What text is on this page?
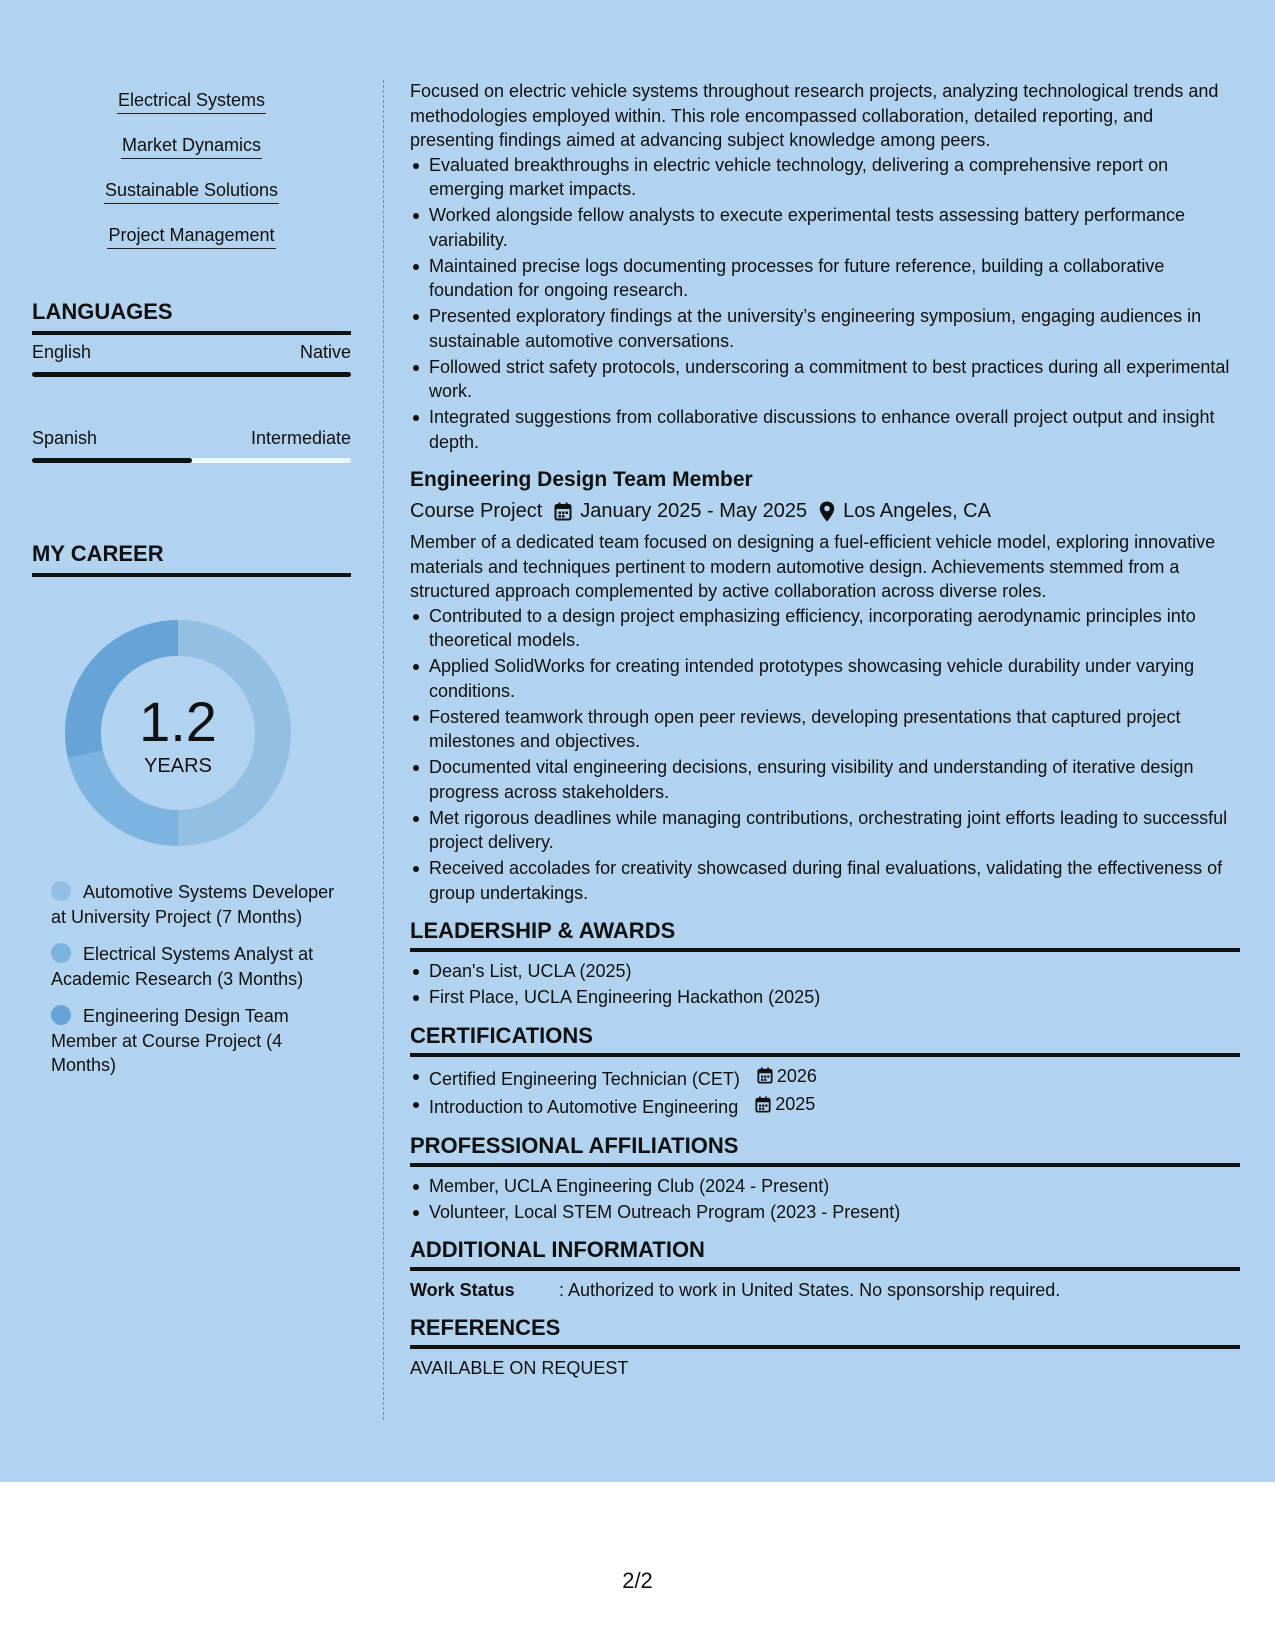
Electrical Systems
Market Dynamics
Sustainable Solutions
Project Management
LANGUAGES
English	Native
Spanish	Intermediate
MY CAREER
1.2
YEARS
Automotive Systems Developer at University Project (7 Months)
Electrical Systems Analyst at Academic Research (3 Months)
Engineering Design Team Member at Course Project (4 Months)

Focused on electric vehicle systems throughout research projects, analyzing technological trends and methodologies employed within. This role encompassed collaboration, detailed reporting, and presenting findings aimed at advancing subject knowledge among peers.

Evaluated breakthroughs in electric vehicle technology, delivering a comprehensive report on emerging market impacts.
Worked alongside fellow analysts to execute experimental tests assessing battery performance variability.
Maintained precise logs documenting processes for future reference, building a collaborative foundation for ongoing research.
Presented exploratory findings at the university’s engineering symposium, engaging audiences in sustainable automotive conversations.
Followed strict safety protocols, underscoring a commitment to best practices during all experimental work.
Integrated suggestions from collaborative discussions to enhance overall project output and insight depth.
Engineering Design Team Member
Course Project January 2025 - May 2025 Los Angeles, CA

Member of a dedicated team focused on designing a fuel-efficient vehicle model, exploring innovative materials and techniques pertinent to modern automotive design. Achievements stemmed from a structured approach complemented by active collaboration across diverse roles.

Contributed to a design project emphasizing efficiency, incorporating aerodynamic principles into theoretical models.
Applied SolidWorks for creating intended prototypes showcasing vehicle durability under varying conditions.
Fostered teamwork through open peer reviews, developing presentations that captured project milestones and objectives.
Documented vital engineering decisions, ensuring visibility and understanding of iterative design progress across stakeholders.
Met rigorous deadlines while managing contributions, orchestrating joint efforts leading to successful project delivery.
Received accolades for creativity showcased during final evaluations, validating the effectiveness of group undertakings.
LEADERSHIP & AWARDS
Dean's List, UCLA (2025)
First Place, UCLA Engineering Hackathon (2025)
CERTIFICATIONS
Certified Engineering Technician (CET) 2026
Introduction to Automotive Engineering 2025
PROFESSIONAL AFFILIATIONS
Member, UCLA Engineering Club (2024 - Present)
Volunteer, Local STEM Outreach Program (2023 - Present)
ADDITIONAL INFORMATION
Work Status	: Authorized to work in United States. No sponsorship required.
REFERENCES
AVAILABLE ON REQUEST
2/2
